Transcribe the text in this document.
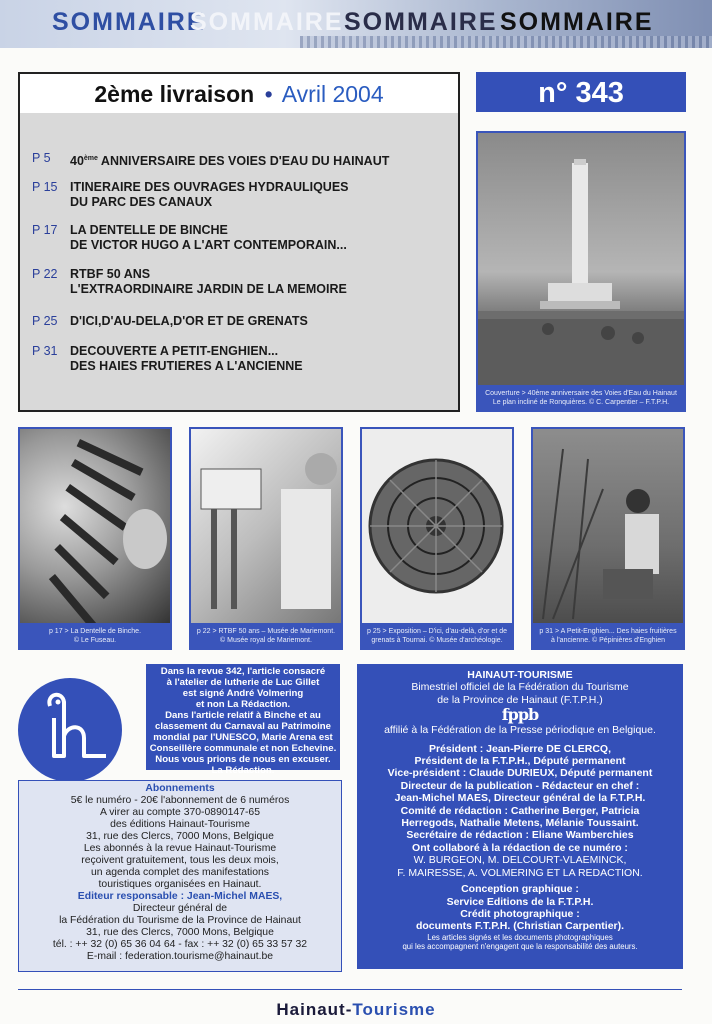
SOMMAIRE
SOMMAIRE SOMMAIRE SOMMAIRE
2ème livraison • Avril 2004	n° 343
P 5	40ème ANNIVERSAIRE DES VOIES D'EAU DU HAINAUT
P 15	ITINERAIRE DES OUVRAGES HYDRAULIQUES
DU PARC DES CANAUX
P 17	LA DENTELLE DE BINCHE
DE VICTOR HUGO A L'ART CONTEMPORAIN...
P 22	RTBF 50 ANS
L'EXTRAORDINAIRE JARDIN DE LA MEMOIRE
P 25	D'ICI,D'AU-DELA,D'OR ET DE GRENATS
P 31	DECOUVERTE A PETIT-ENGHIEN...
DES HAIES FRUTIERES A L'ANCIENNE
Couverture > 40ème anniversaire des Voies d'Eau du Hainaut
Le plan incliné de Ronquières. © C. Carpentier – F.T.P.H.
p 17 > La Dentelle de Binche.
© Le Fuseau.
p 22 > RTBF 50 ans – Musée de Mariemont.
© Musée royal de Mariemont.
p 25 > Exposition – D'ici, d'au-delà, d'or et de
grenats à Tournai. © Musée d'archéologie.
p 31 > A Petit-Enghien... Des haies fruitières
à l'ancienne. © Pépinières d'Enghien
Dans la revue 342, l'article consacré
à l'atelier de lutherie de Luc Gillet
est signé André Volmering
et non La Rédaction.
Dans l'article relatif à Binche et au
classement du Carnaval au Patrimoine
mondial par l'UNESCO, Marie Arena est
Conseillère communale et non Echevine.
Nous vous prions de nous en excuser.
La Rédaction.
Abonnements
5€ le numéro - 20€ l'abonnement de 6 numéros
A virer au compte 370-0890147-65
des éditions Hainaut-Tourisme
31, rue des Clercs, 7000 Mons, Belgique
Les abonnés à la revue Hainaut-Tourisme
reçoivent gratuitement, tous les deux mois,
un agenda complet des manifestations
touristiques organisées en Hainaut.
Editeur responsable : Jean-Michel MAES,
Directeur général de
la Fédération du Tourisme de la Province de Hainaut
31, rue des Clercs, 7000 Mons, Belgique
tél. : ++ 32 (0) 65 36 04 64 - fax : ++ 32 (0) 65 33 57 32
E-mail : federation.tourisme@hainaut.be
HAINAUT-TOURISME
Bimestriel officiel de la Fédération du Tourisme
de la Province de Hainaut (F.T.P.H.)
fppb
affilié à la Fédération de la Presse périodique en Belgique.
Président : Jean-Pierre DE CLERCQ,
Président de la F.T.P.H., Député permanent
Vice-président : Claude DURIEUX, Député permanent
Directeur de la publication - Rédacteur en chef :
Jean-Michel MAES, Directeur général de la F.T.P.H.
Comité de rédaction : Catherine Berger, Patricia
Herregods, Nathalie Metens, Mélanie Toussaint.
Secrétaire de rédaction : Eliane Wamberchies
Ont collaboré à la rédaction de ce numéro :
W. BURGEON, M. DELCOURT-VLAEMINCK,
F. MAIRESSE, A. VOLMERING ET LA REDACTION.
Conception graphique :
Service Editions de la F.T.P.H.
Crédit photographique :
documents F.T.P.H. (Christian Carpentier).
Les articles signés et les documents photographiques
qui les accompagnent n'engagent que la responsabilité des auteurs.
Hainaut-Tourisme
